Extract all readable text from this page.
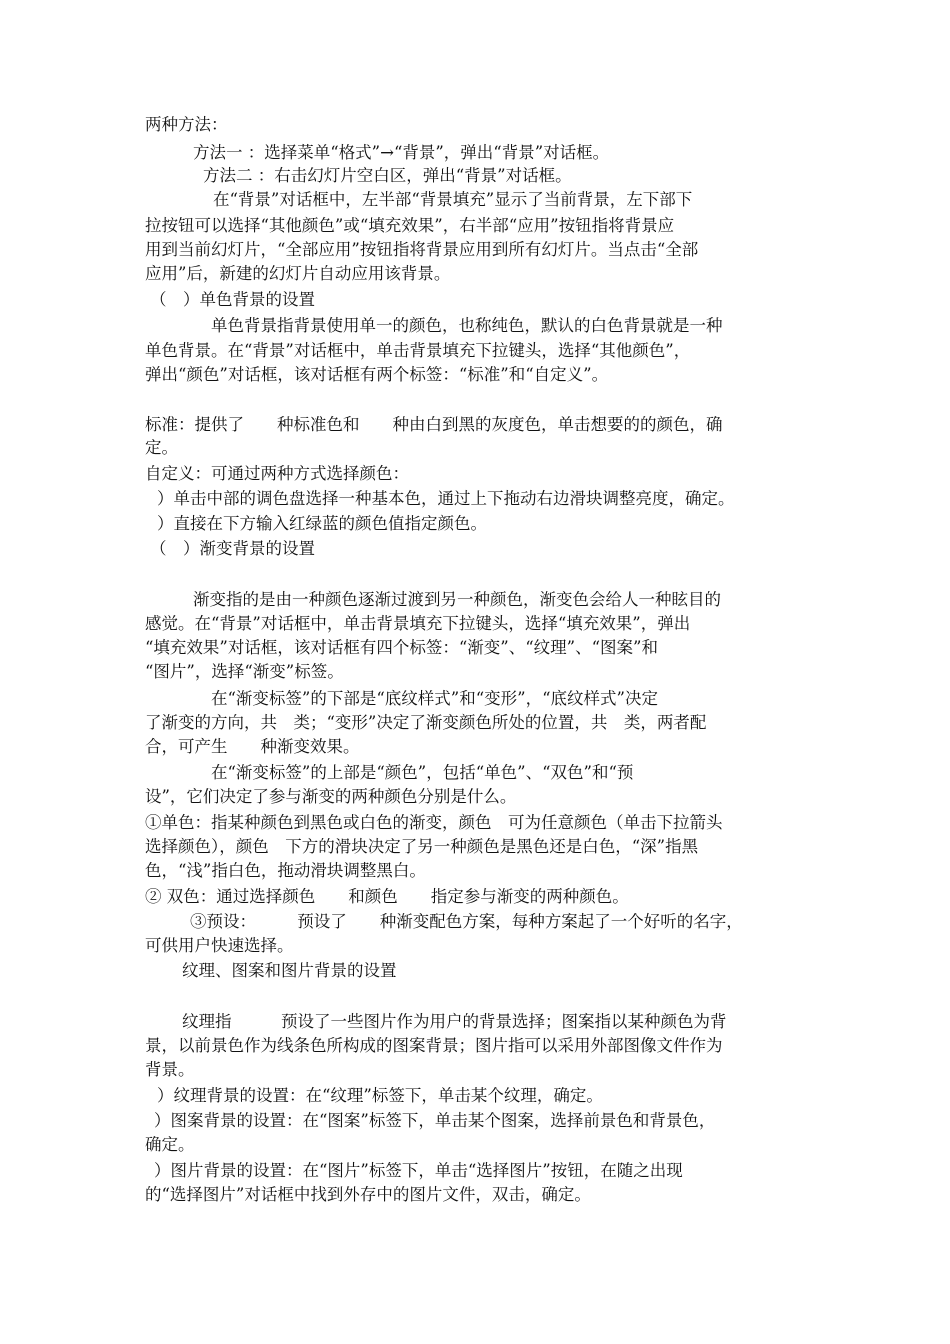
两种方法：

方法一 ：选择菜单“格式”→“背景”，弹出“背景”对话框。

方法二 ：右击幻灯片空白区，弹出“背景”对话框。

在“背景”对话框中，左半部“背景填充”显示了当前背景，左下部下

拉按钮可以选择“其他颜色”或“填充效果”，右半部“应用”按钮指将背景应

用到当前幻灯片，“全部应用”按钮指将背景应用到所有幻灯片。当点击“全部

应用”后，新建的幻灯片自动应用该背景。

（　）单色背景的设置

单色背景指背景使用单一的颜色，也称纯色，默认的白色背景就是一种

单色背景。在“背景”对话框中，单击背景填充下拉键头，选择“其他颜色”，

弹出“颜色”对话框，该对话框有两个标签：“标准”和“自定义”。

标准：提供了　　种标准色和　　种由白到黑的灰度色，单击想要的的颜色，确

定。

自定义：可通过两种方式选择颜色：

）单击中部的调色盘选择一种基本色，通过上下拖动右边滑块调整亮度，确定。

）直接在下方输入红绿蓝的颜色值指定颜色。

（　）渐变背景的设置

渐变指的是由一种颜色逐渐过渡到另一种颜色，渐变色会给人一种眩目的

感觉。在“背景”对话框中，单击背景填充下拉键头，选择“填充效果”，弹出

“填充效果”对话框，该对话框有四个标签：“渐变”、“纹理”、“图案”和

“图片”，选择“渐变”标签。

在“渐变标签”的下部是“底纹样式”和“变形”，“底纹样式”决定

了渐变的方向，共　类；“变形”决定了渐变颜色所处的位置，共　类，两者配

合，可产生　　种渐变效果。

在“渐变标签”的上部是“颜色”，包括“单色”、“双色”和“预

设”，它们决定了参与渐变的两种颜色分别是什么。

①单色：指某种颜色到黑色或白色的渐变，颜色　可为任意颜色（单击下拉箭头

选择颜色），颜色　下方的滑块决定了另一种颜色是黑色还是白色，“深”指黑

色，“浅”指白色，拖动滑块调整黑白。

② 双色：通过选择颜色　　和颜色　　指定参与渐变的两种颜色。

③预设：　　　预设了　　种渐变配色方案，每种方案起了一个好听的名字，

可供用户快速选择。

纹理、图案和图片背景的设置

纹理指　　　预设了一些图片作为用户的背景选择；图案指以某种颜色为背

景，以前景色作为线条色所构成的图案背景；图片指可以采用外部图像文件作为

背景。

）纹理背景的设置：在“纹理”标签下，单击某个纹理，确定。

）图案背景的设置：在“图案”标签下，单击某个图案，选择前景色和背景色，

确定。

）图片背景的设置：在“图片”标签下，单击“选择图片”按钮，在随之出现

的“选择图片”对话框中找到外存中的图片文件，双击，确定。
